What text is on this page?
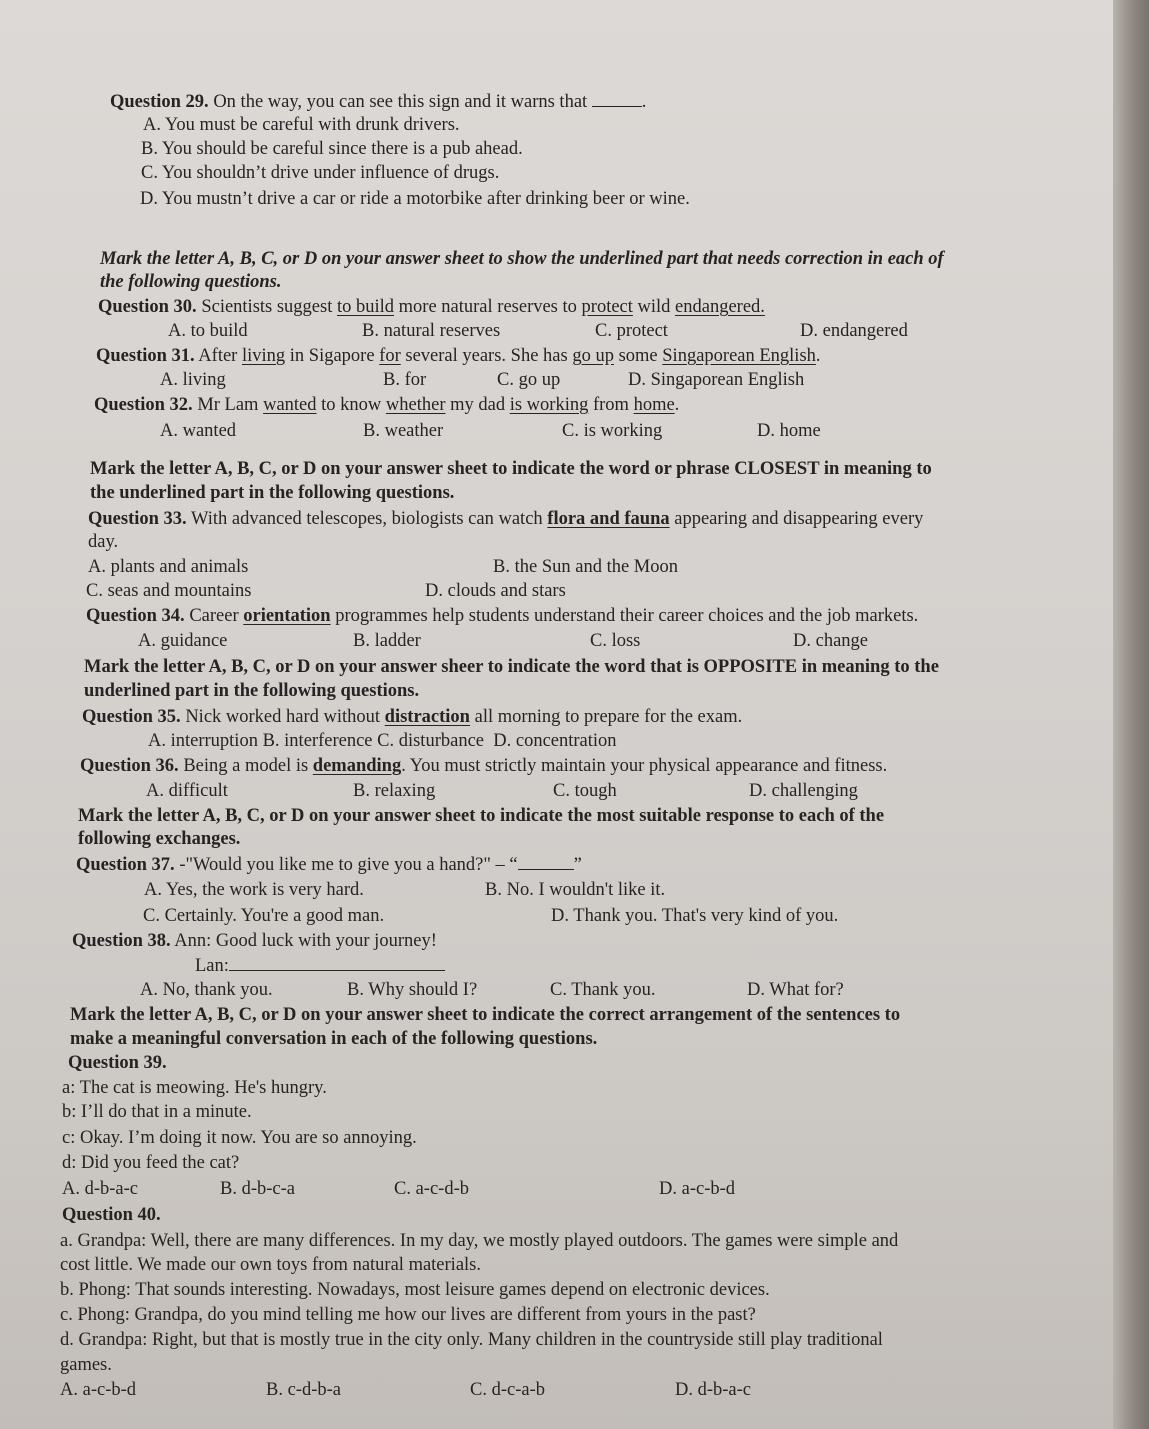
Question 29. On the way, you can see this sign and it warns that	.
A. You must be careful with drunk drivers.
B. You should be careful since there is a pub ahead.
C. You shouldn’t drive under influence of drugs.
D. You mustn’t drive a car or ride a motorbike after drinking beer or wine.
Mark the letter A, B, C, or D on your answer sheet to show the underlined part that needs correction in each of
the following questions.
Question 30. Scientists suggest to build more natural reserves to protect wild endangered.
A. to build	B. natural reserves	C. protect	D. endangered
Question 31. After living in Sigapore for several years. She has go up some Singaporean English.
A. living	B. for	C. go up	D. Singaporean English
Question 32. Mr Lam wanted to know whether my dad is working from home.
A. wanted	B. weather	C. is working	D. home
Mark the letter A, B, C, or D on your answer sheet to indicate the word or phrase CLOSEST in meaning to
the underlined part in the following questions.
Question 33. With advanced telescopes, biologists can watch flora and fauna appearing and disappearing every
day.
A. plants and animals	B. the Sun and the Moon
C. seas and mountains	D. clouds and stars
Question 34. Career orientation programmes help students understand their career choices and the job markets.
A. guidance	B. ladder	C. loss	D. change
Mark the letter A, B, C, or D on your answer sheer to indicate the word that is OPPOSITE in meaning to the
underlined part in the following questions.
Question 35. Nick worked hard without distraction all morning to prepare for the exam.
A. interruption B. interference C. disturbance D. concentration
Question 36. Being a model is demanding. You must strictly maintain your physical appearance and fitness.
A. difficult	B. relaxing	C. tough	D. challenging
Mark the letter A, B, C, or D on your answer sheet to indicate the most suitable response to each of the
following exchanges.
Question 37. -"Would you like me to give you a hand?" – “	”
A. Yes, the work is very hard.	B. No. I wouldn't like it.
C. Certainly. You're a good man.	D. Thank you. That's very kind of you.
Question 38. Ann: Good luck with your journey!
Lan:
A. No, thank you.	B. Why should I?	C. Thank you.	D. What for?
Mark the letter A, B, C, or D on your answer sheet to indicate the correct arrangement of the sentences to
make a meaningful conversation in each of the following questions.
Question 39.
a: The cat is meowing. He's hungry.
b: I’ll do that in a minute.
c: Okay. I’m doing it now. You are so annoying.
d: Did you feed the cat?
A. d-b-a-c	B. d-b-c-a	C. a-c-d-b	D. a-c-b-d
Question 40.
a. Grandpa: Well, there are many differences. In my day, we mostly played outdoors. The games were simple and
cost little. We made our own toys from natural materials.
b. Phong: That sounds interesting. Nowadays, most leisure games depend on electronic devices.
c. Phong: Grandpa, do you mind telling me how our lives are different from yours in the past?
d. Grandpa: Right, but that is mostly true in the city only. Many children in the countryside still play traditional
games.
A. a-c-b-d	B. c-d-b-a	C. d-c-a-b	D. d-b-a-c
